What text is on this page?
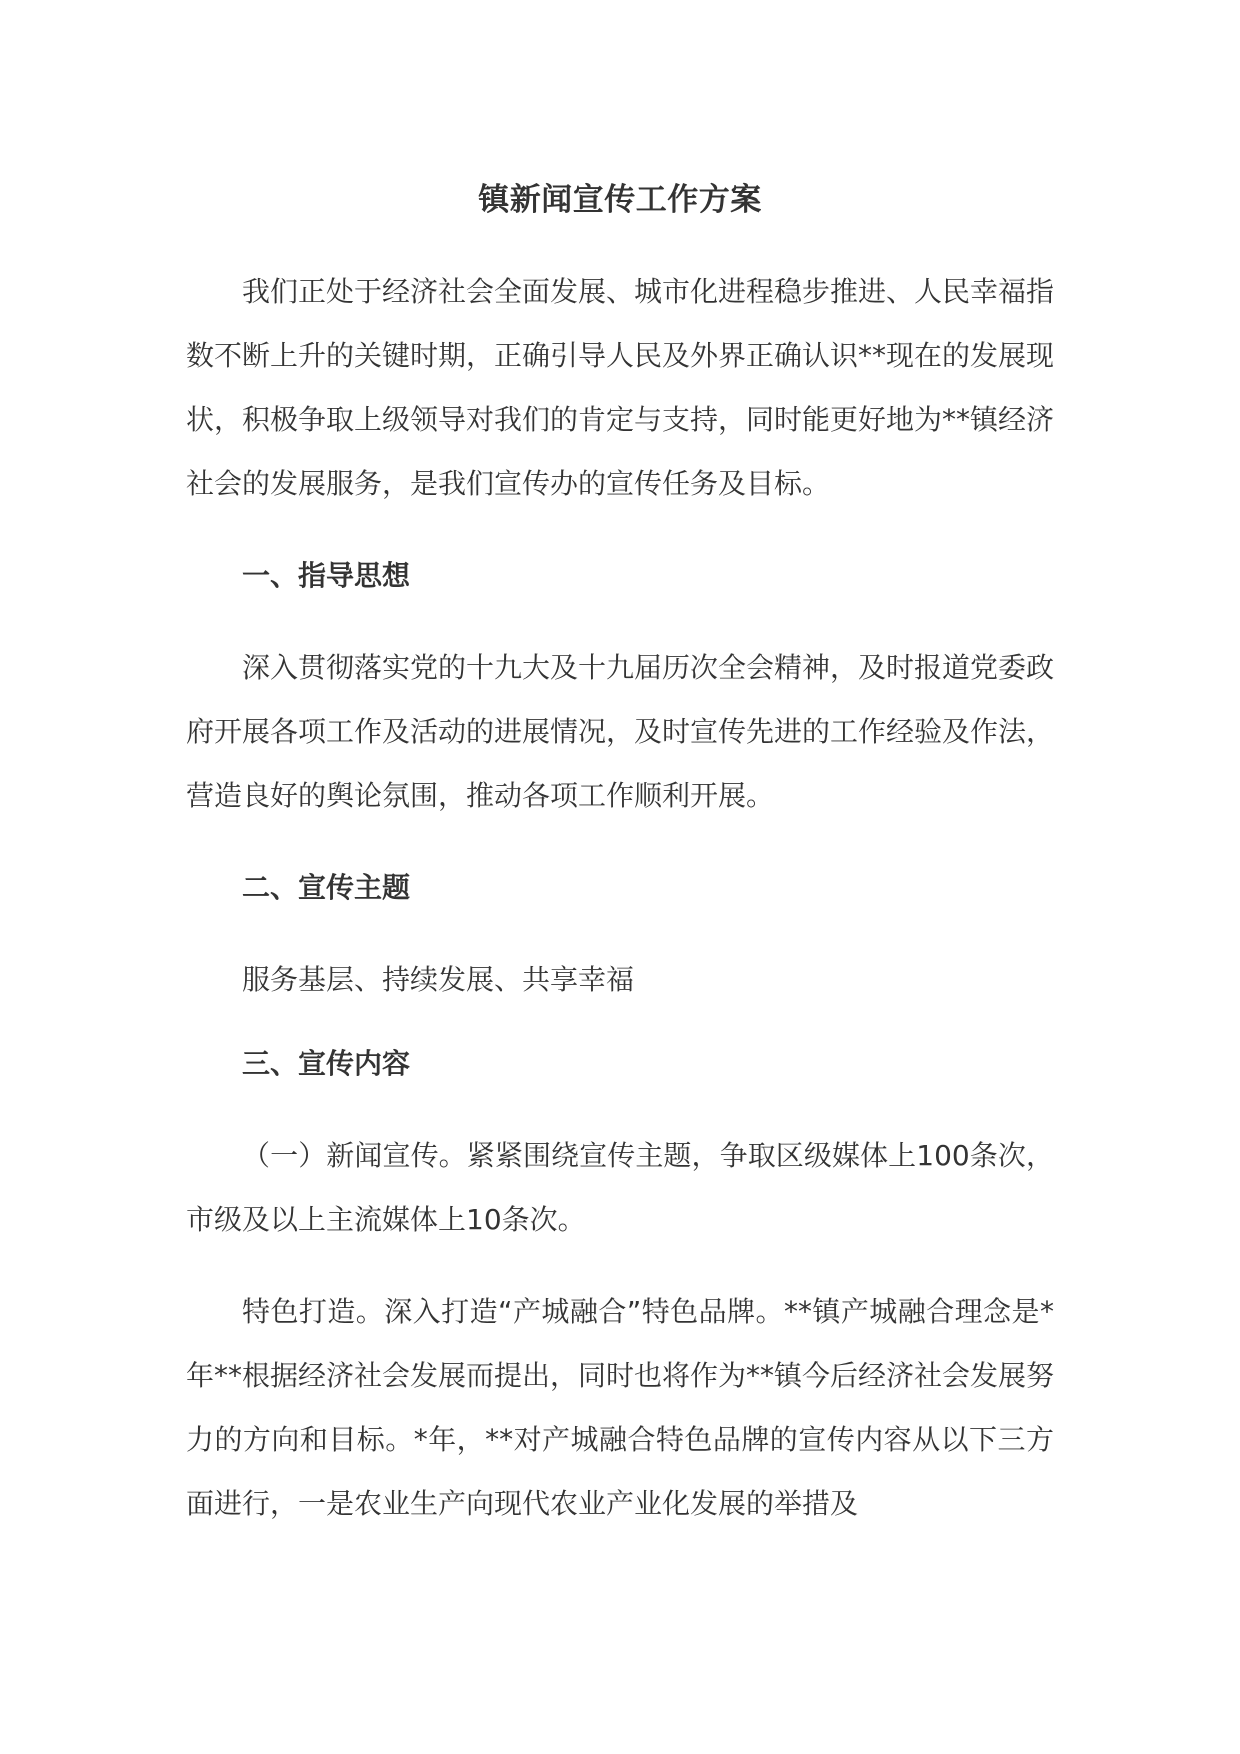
镇新闻宣传工作方案

我们正处于经济社会全面发展、城市化进程稳步推进、人民幸福指数不断上升的关键时期，正确引导人民及外界正确认识**现在的发展现状，积极争取上级领导对我们的肯定与支持，同时能更好地为**镇经济社会的发展服务，是我们宣传办的宣传任务及目标。

一、指导思想

深入贯彻落实党的十九大及十九届历次全会精神，及时报道党委政府开展各项工作及活动的进展情况，及时宣传先进的工作经验及作法，营造良好的舆论氛围，推动各项工作顺利开展。

二、宣传主题

服务基层、持续发展、共享幸福

三、宣传内容

（一）新闻宣传。紧紧围绕宣传主题，争取区级媒体上100条次，市级及以上主流媒体上10条次。

特色打造。深入打造“产城融合”特色品牌。**镇产城融合理念是*年**根据经济社会发展而提出，同时也将作为**镇今后经济社会发展努力的方向和目标。*年，**对产城融合特色品牌的宣传内容从以下三方面进行，一是农业生产向现代农业产业化发展的举措及
